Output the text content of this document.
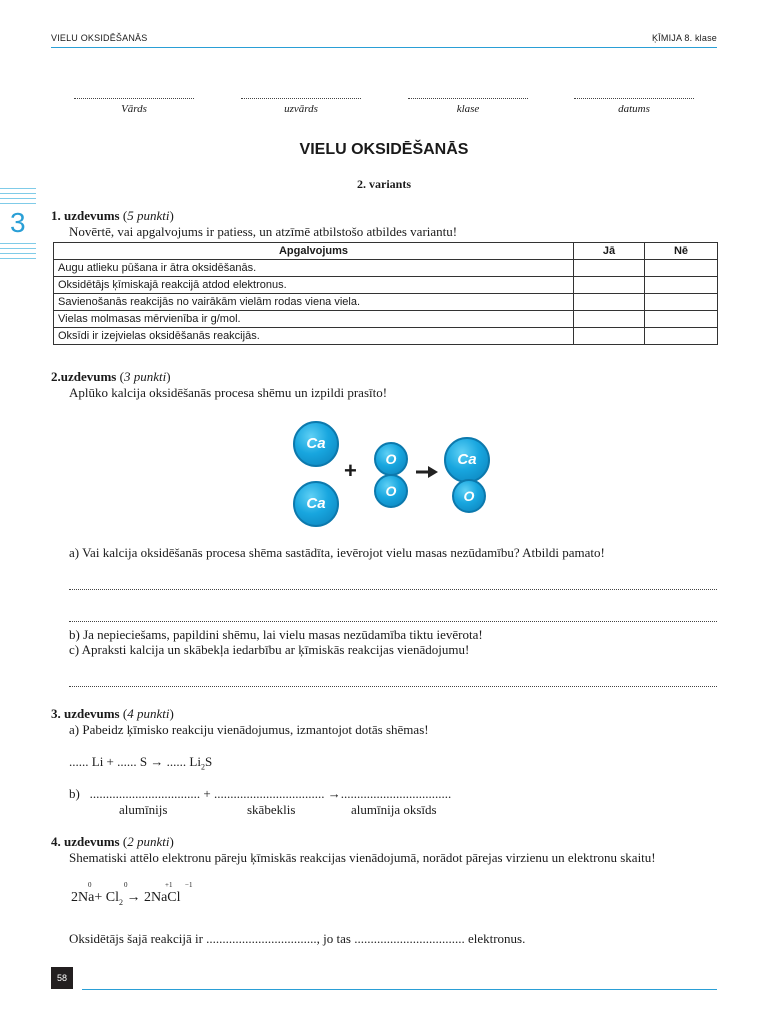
VIELU OKSIDĒŠANĀS	ĶĪMIJA 8. klase
Vārds	uzvārds	klase	datums
3
VIELU OKSIDĒŠANĀS
2. variants
1. uzdevums (5 punkti)
Novērtē, vai apgalvojums ir patiess, un atzīmē atbilstošo atbildes variantu!
Apgalvojums	Jā	Nē
Augu atlieku pūšana ir ātra oksidēšanās.		
Oksidētājs ķīmiskajā reakcijā atdod elektronus.		
Savienošanās reakcijās no vairākām vielām rodas viena viela.		
Vielas molmasas mērvienība ir g/mol.		
Oksīdi ir izejvielas oksidēšanās reakcijās.		
2.uzdevums (3 punkti)
Aplūko kalcija oksidēšanās procesa shēmu un izpildi prasīto!
Ca
Ca
+	O
O
Ca
O
a) Vai kalcija oksidēšanās procesa shēma sastādīta, ievērojot vielu masas nezūdamību? Atbildi pamato!
b) Ja nepieciešams, papildini shēmu, lai vielu masas nezūdamība tiktu ievērota!
c) Apraksti kalcija un skābekļa iedarbību ar ķīmiskās reakcijas vienādojumu!
3. uzdevums (4 punkti)
a) Pabeidz ķīmisko reakciju vienādojumus, izmantojot dotās shēmas!
...... Li + ...... S → ...... $Li_2S$
b) .................................. + .................................. →..................................
alumīnijs	skābeklis	alumīnija oksīds
4. uzdevums (2 punkti)
Shematiski attēlo elektronu pāreju ķīmiskās reakcijas vienādojumā, norādot pārejas virzienu un elektronu skaitu!
0	0	+1 −1
$2Na+ Cl_2$ → 2NaCl
Oksidētājs šajā reakcijā ir .................................., jo tas .................................. elektronus.
58
